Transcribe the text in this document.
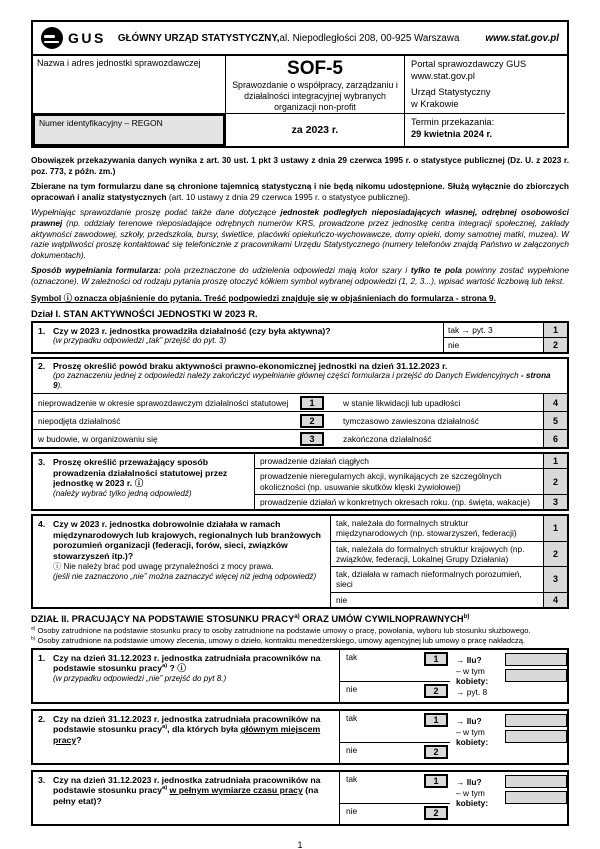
GUS GŁÓWNY URZĄD STATYSTYCZNY, al. Niepodległości 208, 00-925 Warszawa	www.stat.gov.pl
Nazwa i adres jednostki sprawozdawczej	SOF-5
Sprawozdanie o współpracy, zarządzaniu i działalności integracyjnej wybranych organizacji non-profit
Portal sprawozdawczy GUS
www.stat.gov.pl
Urząd Statystyczny
w Krakowie
Numer identyfikacyjny – REGON
za 2023 r.
Termin przekazania:
29 kwietnia 2024 r.

Obowiązek przekazywania danych wynika z art. 30 ust. 1 pkt 3 ustawy z dnia 29 czerwca 1995 r. o statystyce publicznej (Dz. U. z 2023 r. poz. 773, z późn. zm.)

Zbierane na tym formularzu dane są chronione tajemnicą statystyczną i nie będą nikomu udostępnione. Służą wyłącznie do zbiorczych opracowań i analiz statystycznych (art. 10 ustawy z dnia 29 czerwca 1995 r. o statystyce publicznej).

Wypełniając sprawozdanie proszę podać także dane dotyczące jednostek podległych nieposiadających własnej, odrębnej osobowości prawnej (np. oddziały terenowe nieposiadające odrębnych numerów KRS, prowadzone przez jednostkę centra integracji społecznej, zakłady aktywności zawodowej, szkoły, przedszkola, bursy, świetlice, placówki opiekuńczo-wychowawcze, domy opieki, domy samotnej matki, muzea). W razie wątpliwości proszę kontaktować się telefonicznie z pracownikami Urzędu Statystycznego (numery telefonów znajdą Państwo w załączonych dokumentach).

Sposób wypełniania formularza: pola przeznaczone do udzielenia odpowiedzi mają kolor szary i tylko te pola powinny zostać wypełnione (oznaczone). W zależności od rodzaju pytania proszę otoczyć kółkiem symbol wybranej odpowiedzi (1, 2, 3...), wpisać wartość liczbową lub tekst.

Symbol ⓘ oznacza objaśnienie do pytania. Treść podpowiedzi znajduje się w objaśnieniach do formularza - strona 9.
Dział I. STAN AKTYWNOŚCI JEDNOSTKI W 2023 R.
1. Czy w 2023 r. jednostka prowadziła działalność (czy była aktywna)?
(w przypadku odpowiedzi „tak” przejść do pyt. 3)
tak → pyt. 3	1
nie	2
2. Proszę określić powód braku aktywności prawno-ekonomicznej jednostki na dzień 31.12.2023 r.
(po zaznaczeniu jednej z odpowiedzi należy zakończyć wypełnianie głównej części formularza i przejść do Danych Ewidencyjnych - strona 9).
nieprowadzenie w okresie sprawozdawczym działalności statutowej	1	w stanie likwidacji lub upadłości	4
niepodjęta działalność	2	tymczasowo zawieszona działalność	5
w budowie, w organizowaniu się	3	zakończona działalność	6
3. Proszę określić przeważający sposób prowadzenia działalności statutowej przez jednostkę w 2023 r. ⓘ
(należy wybrać tylko jedną odpowiedź)
prowadzenie działań ciągłych	1
prowadzenie nieregularnych akcji, wynikających ze szczególnych okoliczności (np. usuwanie skutków klęski żywiołowej)	2
prowadzenie działań w konkretnych okresach roku. (np. święta, wakacje)	3
4. Czy w 2023 r. jednostka dobrowolnie działała w ramach międzynarodowych lub krajowych, regionalnych lub branżowych porozumień organizacji (federacji, forów, sieci, związków stowarzyszeń itp.)?
ⓘ Nie należy brać pod uwagę przynależności z mocy prawa.
(jeśli nie zaznaczono „nie” można zaznaczyć więcej niż jedną odpowiedź)
tak, należała do formalnych struktur międzynarodowych (np. stowarzyszeń, federacji)	1
tak, należała do formalnych struktur krajowych (np. związków, federacji, Lokalnej Grupy Działania)	2
tak, działała w ramach nieformalnych porozumień, sieci	3
nie	4
DZIAŁ II. PRACUJĄCY NA PODSTAWIE STOSUNKU PRACY$^{a)}$ ORAZ UMÓW CYWILNOPRAWNYCH$^{b)}$
$^{a)}$ Osoby zatrudnione na podstawie stosunku pracy to osoby zatrudnione na podstawie umowy o pracę, powołania, wyboru lub stosunku służbowego.
$^{b)}$ Osoby zatrudnione na podstawie umowy zlecenia, umowy o dzieło, kontraktu menedżerskiego, umowy agencyjnej lub umowy o pracę nakładczą.
1. Czy na dzień 31.12.2023 r. jednostka zatrudniała pracowników na podstawie stosunku pracy$^{a)}$ ? ⓘ
(w przypadku odpowiedzi „nie” przejść do pyt 8.)
tak	1
nie	2
→ Ilu?
– w tym kobiety:
→ pyt. 8
2. Czy na dzień 31.12.2023 r. jednostka zatrudniała pracowników na podstawie stosunku pracy$^{a)}$, dla których była głównym miejscem pracy?
tak	1
nie	2
→ Ilu?
– w tym kobiety:
3. Czy na dzień 31.12.2023 r. jednostka zatrudniała pracowników na podstawie stosunku pracy$^{a)}$ w pełnym wymiarze czasu pracy (na pełny etat)?
tak	1
nie	2
→ Ilu?
– w tym kobiety:
1
